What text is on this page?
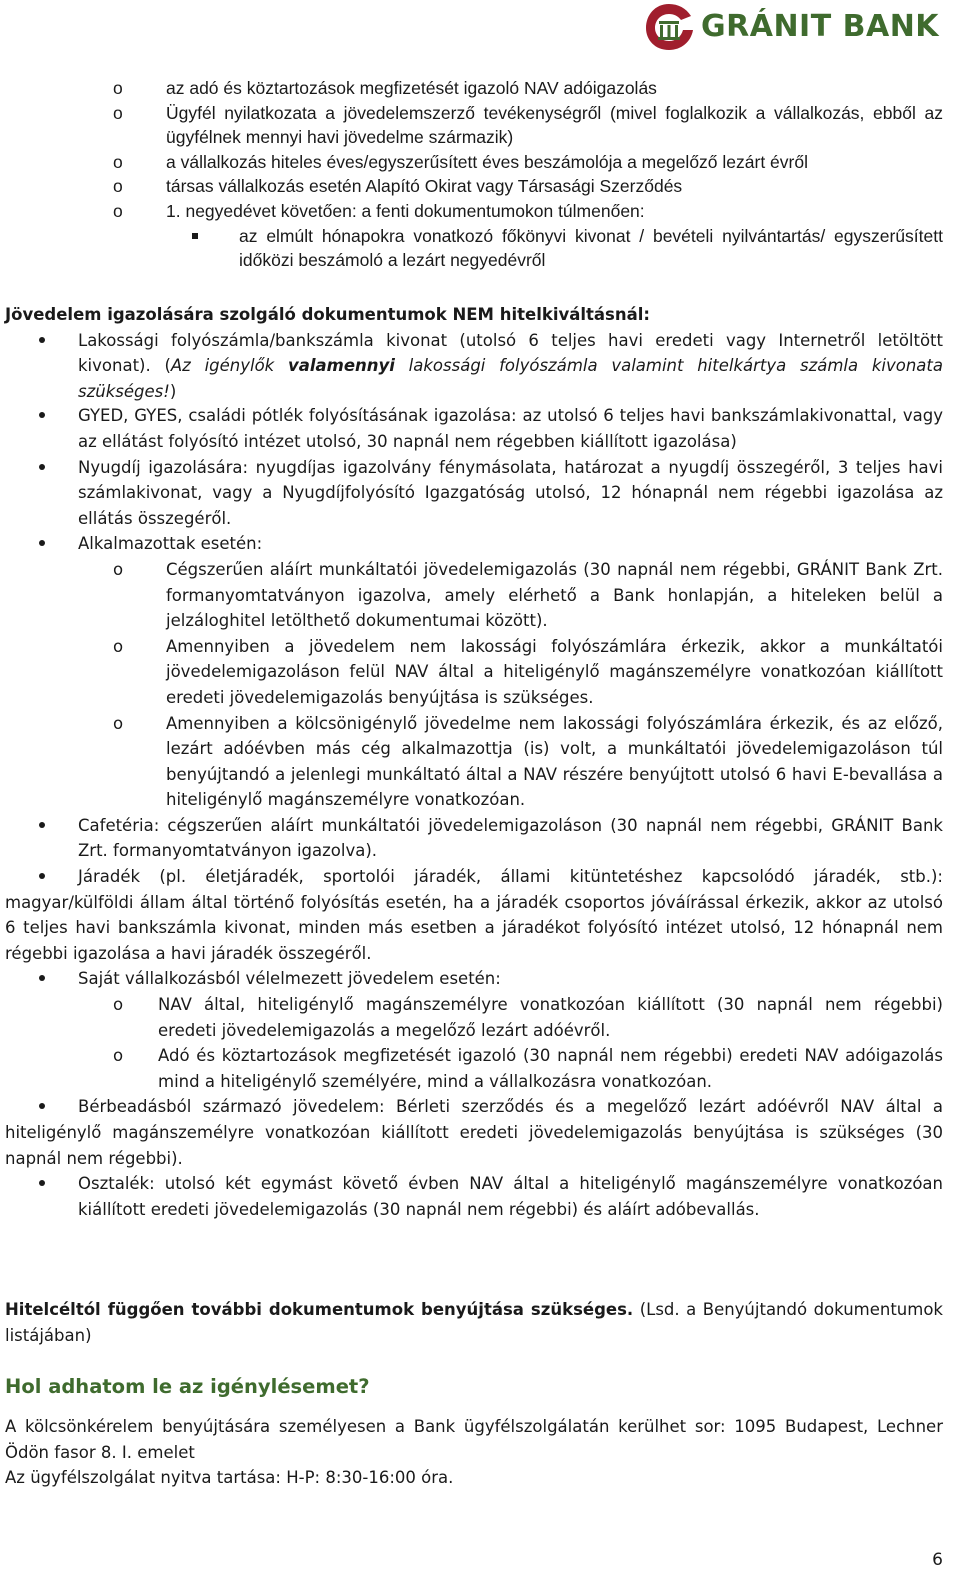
GRÁNIT BANK
o az adó és köztartozások megfizetését igazoló NAV adóigazolás
o Ügyfél nyilatkozata a jövedelemszerző tevékenységről (mivel foglalkozik a vállalkozás, ebből az ügyfélnek mennyi havi jövedelme származik)
o a vállalkozás hiteles éves/egyszerűsített éves beszámolója a megelőző lezárt évről
o társas vállalkozás esetén Alapító Okirat vagy Társasági Szerződés
o 1. negyedévet követően: a fenti dokumentumokon túlmenően:
az elmúlt hónapokra vonatkozó főkönyvi kivonat / bevételi nyilvántartás/ egyszerűsített időközi beszámoló a lezárt negyedévről

Jövedelem igazolására szolgáló dokumentumok NEM hitelkiváltásnál:

Lakossági folyószámla/bankszámla kivonat (utolsó 6 teljes havi eredeti vagy Internetről letöltött kivonat). (Az igénylők valamennyi lakossági folyószámla valamint hitelkártya számla kivonata szükséges!)
GYED, GYES, családi pótlék folyósításának igazolása: az utolsó 6 teljes havi bankszámlakivonattal, vagy az ellátást folyósító intézet utolsó, 30 napnál nem régebben kiállított igazolása)
Nyugdíj igazolására: nyugdíjas igazolvány fénymásolata, határozat a nyugdíj összegéről, 3 teljes havi számlakivonat, vagy a Nyugdíjfolyósító Igazgatóság utolsó, 12 hónapnál nem régebbi igazolása az ellátás összegéről.
Alkalmazottak esetén:
o	Cégszerűen aláírt munkáltatói jövedelemigazolás (30 napnál nem régebbi, GRÁNIT Bank Zrt. formanyomtatványon igazolva, amely elérhető a Bank honlapján, a hiteleken belül a jelzáloghitel letölthető dokumentumai között).
o	Amennyiben a jövedelem nem lakossági folyószámlára érkezik, akkor a munkáltatói jövedelemigazoláson felül NAV által a hiteligénylő magánszemélyre vonatkozóan kiállított eredeti jövedelemigazolás benyújtása is szükséges.
o	Amennyiben a kölcsönigénylő jövedelme nem lakossági folyószámlára érkezik, és az előző, lezárt adóévben más cég alkalmazottja (is) volt, a munkáltatói jövedelemigazoláson túl benyújtandó a jelenlegi munkáltató által a NAV részére benyújtott utolsó 6 havi E-bevallása a hiteligénylő magánszemélyre vonatkozóan.
Cafetéria: cégszerűen aláírt munkáltatói jövedelemigazoláson (30 napnál nem régebbi, GRÁNIT Bank Zrt. formanyomtatványon igazolva).
Járadék (pl. életjáradék, sportolói járadék, állami kitüntetéshez kapcsolódó járadék, stb.): magyar/külföldi állam által történő folyósítás esetén, ha a járadék csoportos jóváírással érkezik, akkor az utolsó 6 teljes havi bankszámla kivonat, minden más esetben a járadékot folyósító intézet utolsó, 12 hónapnál nem régebbi igazolása a havi járadék összegéről.
Saját vállalkozásból vélelmezett jövedelem esetén:
o NAV által, hiteligénylő magánszemélyre vonatkozóan kiállított (30 napnál nem régebbi) eredeti jövedelemigazolás a megelőző lezárt adóévről.
o Adó és köztartozások megfizetését igazoló (30 napnál nem régebbi) eredeti NAV adóigazolás mind a hiteligénylő személyére, mind a vállalkozásra vonatkozóan.
Bérbeadásból származó jövedelem: Bérleti szerződés és a megelőző lezárt adóévről NAV által a hiteligénylő magánszemélyre vonatkozóan kiállított eredeti jövedelemigazolás benyújtása is szükséges (30 napnál nem régebbi).
Osztalék: utolsó két egymást követő évben NAV által a hiteligénylő magánszemélyre vonatkozóan kiállított eredeti jövedelemigazolás (30 napnál nem régebbi) és aláírt adóbevallás.
Hitelcéltól függően további dokumentumok benyújtása szükséges. (Lsd. a Benyújtandó dokumentumok listájában)

Hol adhatom le az igénylésemet?

A kölcsönkérelem benyújtására személyesen a Bank ügyfélszolgálatán kerülhet sor: 1095 Budapest, Lechner Ödön fasor 8. I. emelet

Az ügyfélszolgálat nyitva tartása: H-P: 8:30-16:00 óra.

6
